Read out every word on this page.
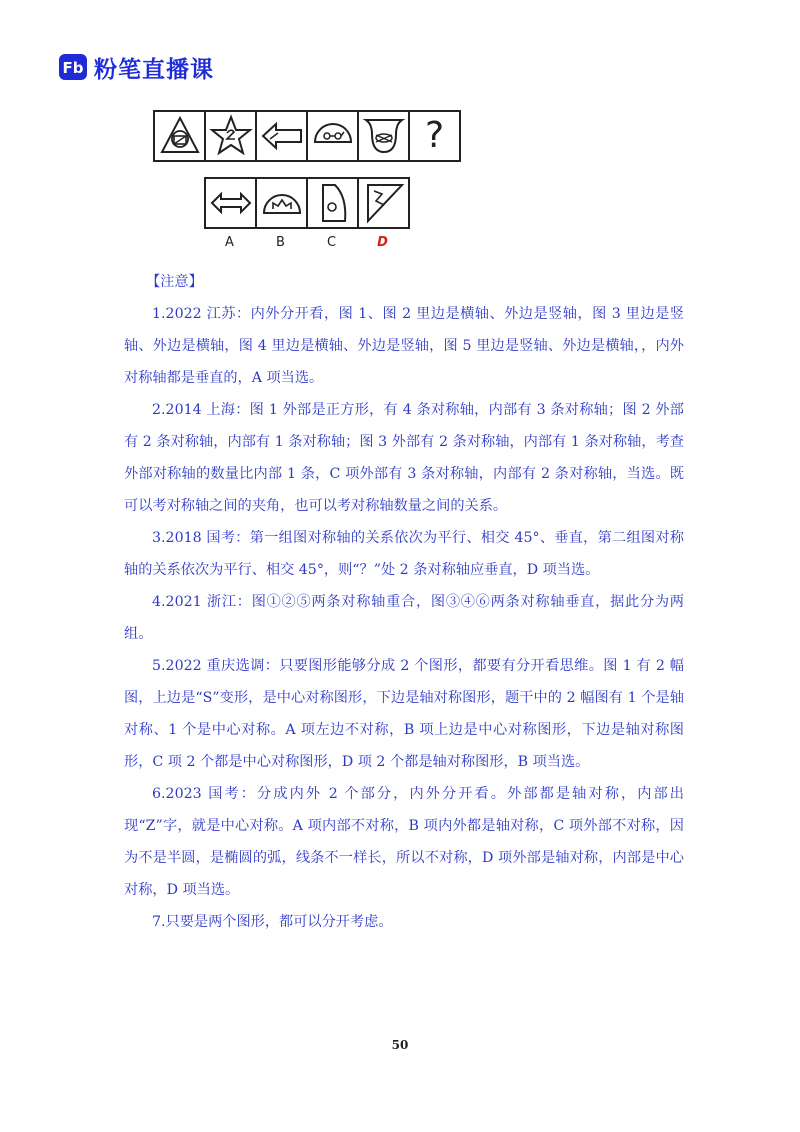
Fb 粉笔直播课
?
A	B	C	D

【注意】

1.2022 江苏：内外分开看，图 1、图 2 里边是横轴、外边是竖轴，图 3 里边是竖轴、外边是横轴，图 4 里边是横轴、外边是竖轴，图 5 里边是竖轴、外边是横轴，，内外对称轴都是垂直的，A 项当选。

2.2014 上海：图 1 外部是正方形，有 4 条对称轴，内部有 3 条对称轴；图 2 外部有 2 条对称轴，内部有 1 条对称轴；图 3 外部有 2 条对称轴，内部有 1 条对称轴，考查外部对称轴的数量比内部 1 条，C 项外部有 3 条对称轴，内部有 2 条对称轴，当选。既可以考对称轴之间的夹角，也可以考对称轴数量之间的关系。

3.2018 国考：第一组图对称轴的关系依次为平行、相交 45°、垂直，第二组图对称轴的关系依次为平行、相交 45°，则“？”处 2 条对称轴应垂直，D 项当选。

4.2021 浙江：图①②⑤两条对称轴重合，图③④⑥两条对称轴垂直，据此分为两组。

5.2022 重庆选调：只要图形能够分成 2 个图形，都要有分开看思维。图 1 有 2 幅图，上边是“S”变形，是中心对称图形，下边是轴对称图形，题干中的 2 幅图有 1 个是轴对称、1 个是中心对称。A 项左边不对称，B 项上边是中心对称图形，下边是轴对称图形，C 项 2 个都是中心对称图形，D 项 2 个都是轴对称图形，B 项当选。

6.2023 国考：分成内外 2 个部分，内外分开看。外部都是轴对称，内部出现“Z”字，就是中心对称。A 项内部不对称，B 项内外都是轴对称，C 项外部不对称，因为不是半圆，是椭圆的弧，线条不一样长，所以不对称，D 项外部是轴对称，内部是中心对称，D 项当选。

7.只要是两个图形，都可以分开考虑。

50
